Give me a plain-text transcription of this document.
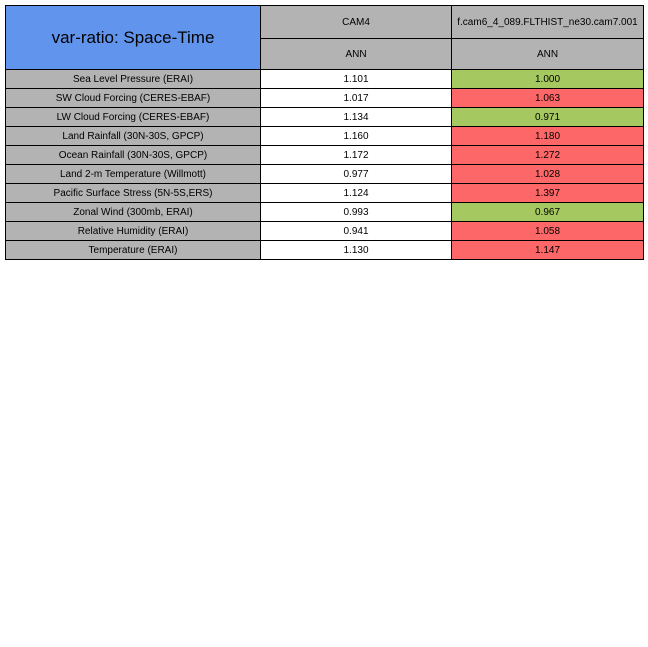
var-ratio: Space-Time	CAM4	f.cam6_4_089.FLTHIST_ne30.cam7.001
	ANN	ANN
Sea Level Pressure (ERAI)	1.101	1.000
SW Cloud Forcing (CERES-EBAF)	1.017	1.063
LW Cloud Forcing (CERES-EBAF)	1.134	0.971
Land Rainfall (30N-30S, GPCP)	1.160	1.180
Ocean Rainfall (30N-30S, GPCP)	1.172	1.272
Land 2-m Temperature (Willmott)	0.977	1.028
Pacific Surface Stress (5N-5S,ERS)	1.124	1.397
Zonal Wind (300mb, ERAI)	0.993	0.967
Relative Humidity (ERAI)	0.941	1.058
Temperature (ERAI)	1.130	1.147
